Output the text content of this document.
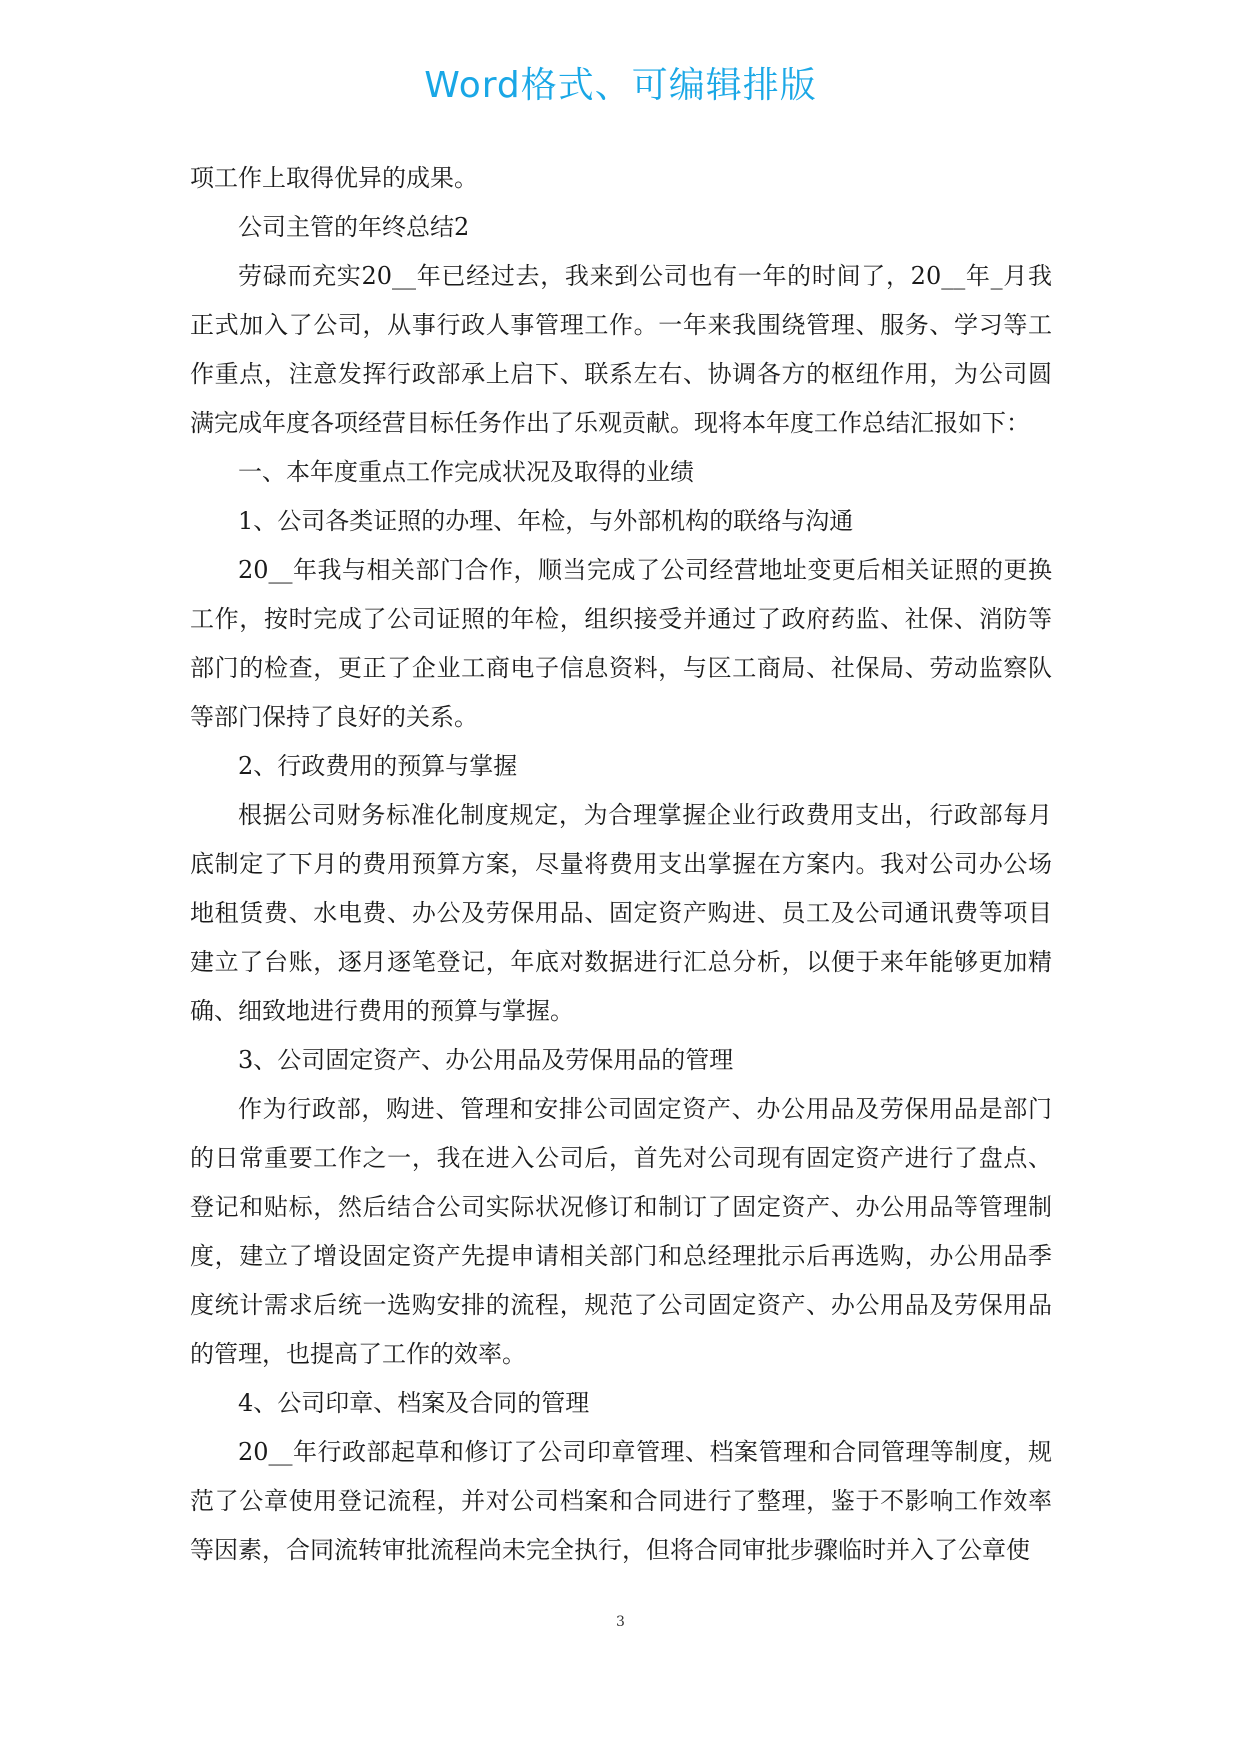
Word格式、可编辑排版

项工作上取得优异的成果。

公司主管的年终总结2

劳碌而充实20__年已经过去，我来到公司也有一年的时间了，20__年_月我正式加入了公司，从事行政人事管理工作。一年来我围绕管理、服务、学习等工作重点，注意发挥行政部承上启下、联系左右、协调各方的枢纽作用，为公司圆满完成年度各项经营目标任务作出了乐观贡献。现将本年度工作总结汇报如下：

一、本年度重点工作完成状况及取得的业绩

1、公司各类证照的办理、年检，与外部机构的联络与沟通

20__年我与相关部门合作，顺当完成了公司经营地址变更后相关证照的更换工作，按时完成了公司证照的年检，组织接受并通过了政府药监、社保、消防等部门的检查，更正了企业工商电子信息资料，与区工商局、社保局、劳动监察队等部门保持了良好的关系。

2、行政费用的预算与掌握

根据公司财务标准化制度规定，为合理掌握企业行政费用支出，行政部每月底制定了下月的费用预算方案，尽量将费用支出掌握在方案内。我对公司办公场地租赁费、水电费、办公及劳保用品、固定资产购进、员工及公司通讯费等项目建立了台账，逐月逐笔登记，年底对数据进行汇总分析，以便于来年能够更加精确、细致地进行费用的预算与掌握。

3、公司固定资产、办公用品及劳保用品的管理

作为行政部，购进、管理和安排公司固定资产、办公用品及劳保用品是部门的日常重要工作之一，我在进入公司后，首先对公司现有固定资产进行了盘点、登记和贴标，然后结合公司实际状况修订和制订了固定资产、办公用品等管理制度，建立了增设固定资产先提申请相关部门和总经理批示后再选购，办公用品季度统计需求后统一选购安排的流程，规范了公司固定资产、办公用品及劳保用品的管理，也提高了工作的效率。

4、公司印章、档案及合同的管理

20__年行政部起草和修订了公司印章管理、档案管理和合同管理等制度，规范了公章使用登记流程，并对公司档案和合同进行了整理，鉴于不影响工作效率等因素，合同流转审批流程尚未完全执行，但将合同审批步骤临时并入了公章使

3
